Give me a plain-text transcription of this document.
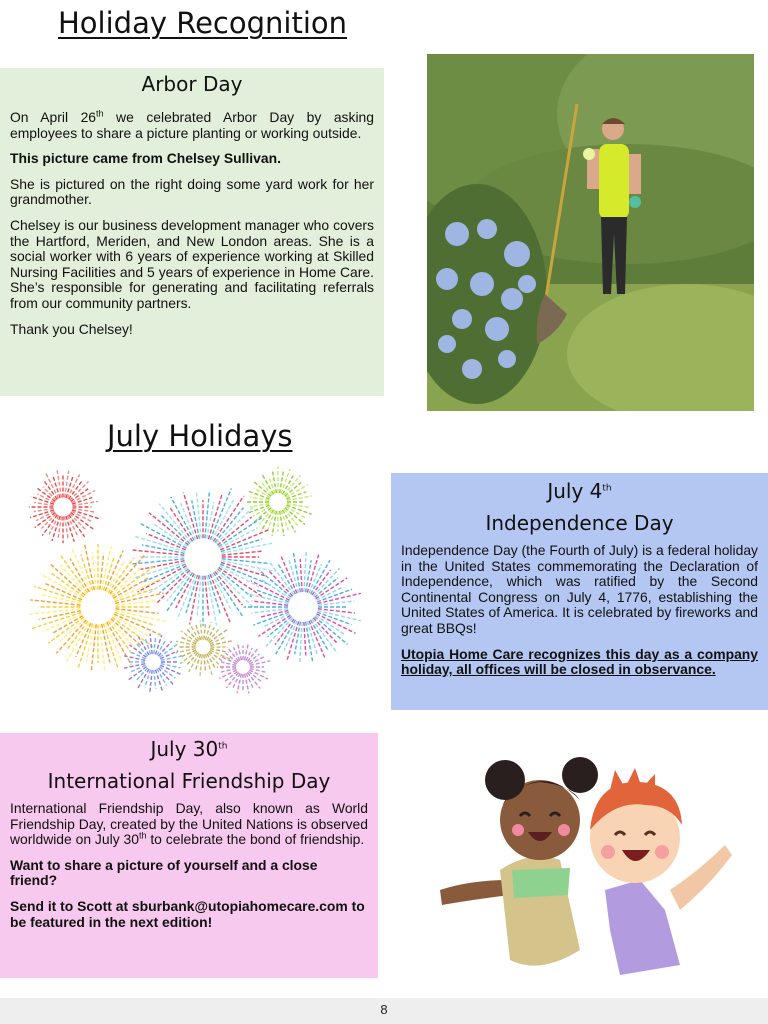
Holiday Recognition
Arbor Day

On April 26th we celebrated Arbor Day by asking employees to share a picture planting or working outside.

This picture came from Chelsey Sullivan.

She is pictured on the right doing some yard work for her grandmother.

Chelsey is our business development manager who covers the Hartford, Meriden, and New London areas. She is a social worker with 6 years of experience working at Skilled Nursing Facilities and 5 years of experience in Home Care. She’s responsible for generating and facilitating referrals from our community partners.

Thank you Chelsey!

July Holidays
July 4th
Independence Day

Independence Day (the Fourth of July) is a federal holiday in the United States commemorating the Declaration of Independence, which was ratified by the Second Continental Congress on July 4, 1776, establishing the United States of America. It is celebrated by fireworks and great BBQs!

Utopia Home Care recognizes this day as a company holiday, all offices will be closed in observance.

July 30th
International Friendship Day

International Friendship Day, also known as World Friendship Day, created by the United Nations is observed worldwide on July 30th to celebrate the bond of friendship.

Want to share a picture of yourself and a close friend?

Send it to Scott at sburbank@utopiahomecare.com to be featured in the next edition!

8
